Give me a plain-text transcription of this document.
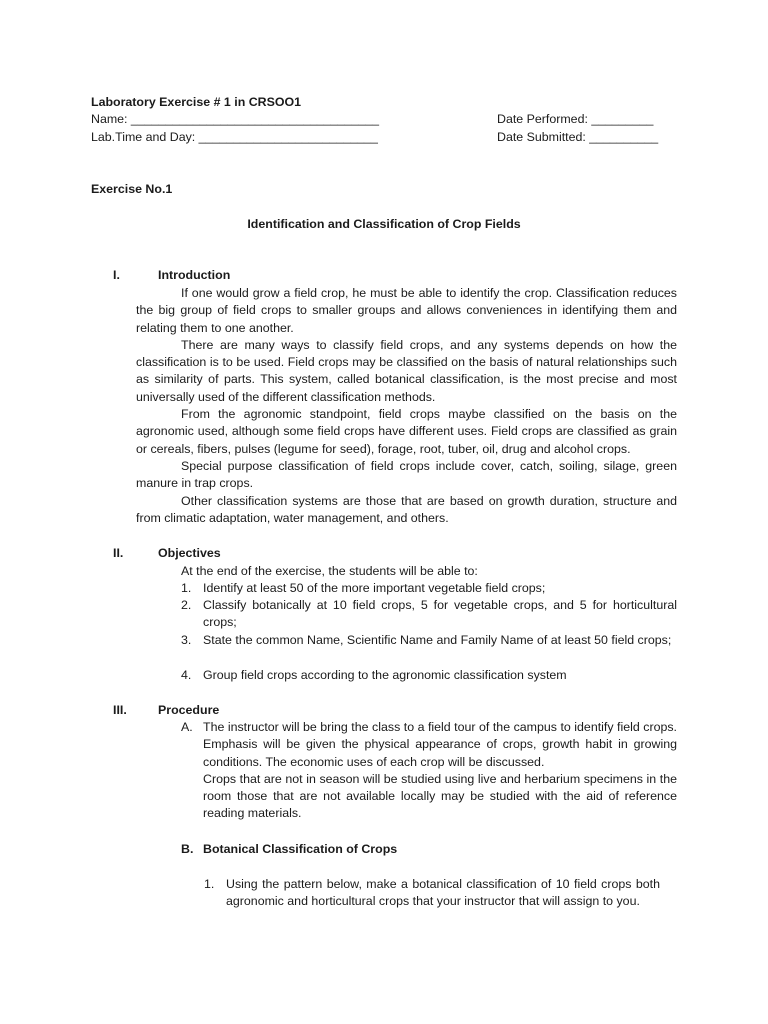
Laboratory Exercise # 1 in CRSOO1
Name: ____________________________________
Lab.Time and Day: __________________________
Date Performed: _________
Date Submitted: __________
Exercise No.1
Identification and Classification of Crop Fields
I.	Introduction

If one would grow a field crop, he must be able to identify the crop. Classification reduces the big group of field crops to smaller groups and allows conveniences in identifying them and relating them to one another.

There are many ways to classify field crops, and any systems depends on how the classification is to be used. Field crops may be classified on the basis of natural relationships such as similarity of parts. This system, called botanical classification, is the most precise and most universally used of the different classification methods.

From the agronomic standpoint, field crops maybe classified on the basis on the agronomic used, although some field crops have different uses. Field crops are classified as grain or cereals, fibers, pulses (legume for seed), forage, root, tuber, oil, drug and alcohol crops.

Special purpose classification of field crops include cover, catch, soiling, silage, green manure in trap crops.

Other classification systems are those that are based on growth duration, structure and from climatic adaptation, water management, and others.

II.	Objectives
At the end of the exercise, the students will be able to:
1. Identify at least 50 of the more important vegetable field crops;
2. Classify botanically at 10 field crops, 5 for vegetable crops, and 5 for horticultural crops;
3. State the common Name, Scientific Name and Family Name of at least 50 field crops;
4. Group field crops according to the agronomic classification system
III.	Procedure
A. The instructor will be bring the class to a field tour of the campus to identify field crops. Emphasis will be given the physical appearance of crops, growth habit in growing conditions. The economic uses of each crop will be discussed.
Crops that are not in season will be studied using live and herbarium specimens in the room those that are not available locally may be studied with the aid of reference reading materials.
B. Botanical Classification of Crops
1. Using the pattern below, make a botanical classification of 10 field crops both agronomic and horticultural crops that your instructor that will assign to you.
